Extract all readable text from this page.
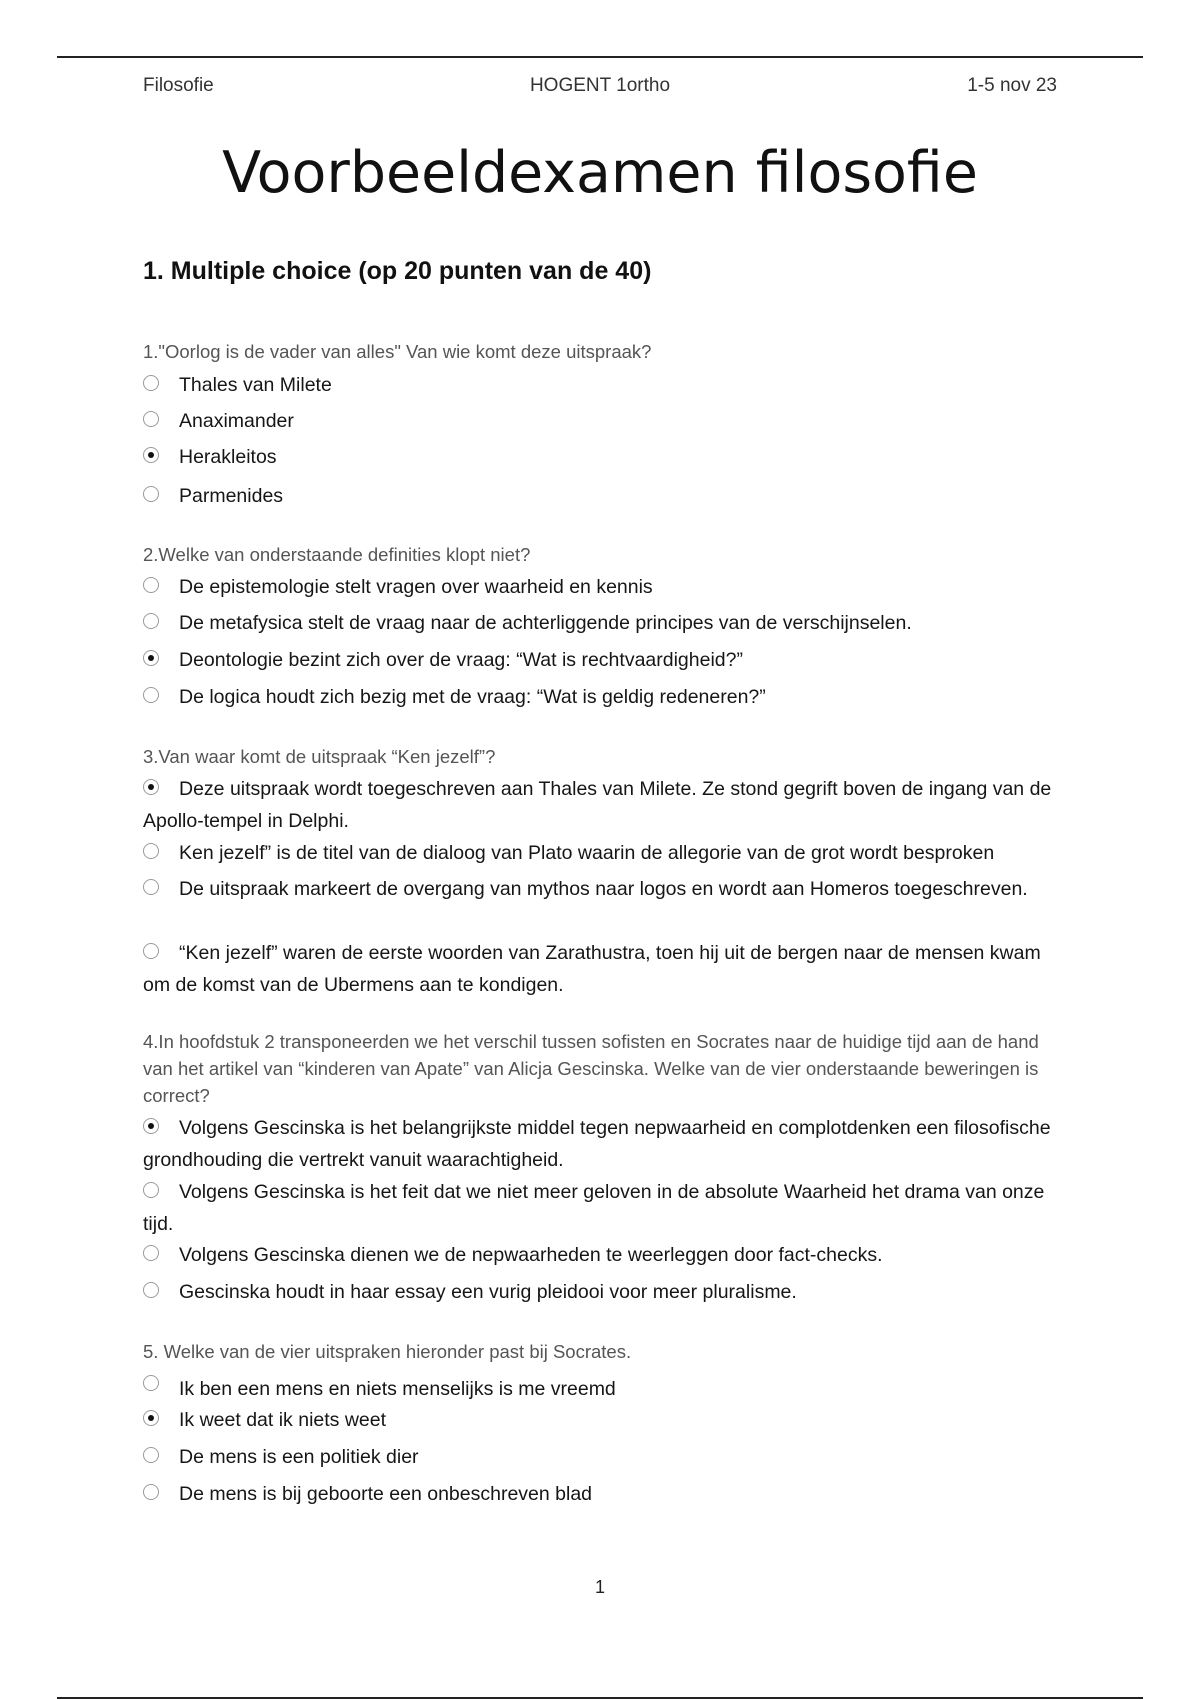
Filosofie	HOGENT 1ortho	1-5 nov 23
Voorbeeldexamen filosofie
1. Multiple choice (op 20 punten van de 40)
1."Oorlog is de vader van alles" Van wie komt deze uitspraak?
Thales van Milete
Anaximander
Herakleitos
Parmenides
2.Welke van onderstaande definities klopt niet?
De epistemologie stelt vragen over waarheid en kennis
De metafysica stelt de vraag naar de achterliggende principes van de verschijnselen.
Deontologie bezint zich over de vraag: “Wat is rechtvaardigheid?”
De logica houdt zich bezig met de vraag: “Wat is geldig redeneren?”
3.Van waar komt de uitspraak “Ken jezelf”?
Deze uitspraak wordt toegeschreven aan Thales van Milete. Ze stond gegrift boven de ingang van de Apollo-tempel in Delphi.
Ken jezelf” is de titel van de dialoog van Plato waarin de allegorie van de grot wordt besproken
De uitspraak markeert de overgang van mythos naar logos en wordt aan Homeros toegeschreven.
“Ken jezelf” waren de eerste woorden van Zarathustra, toen hij uit de bergen naar de mensen kwam om de komst van de Ubermens aan te kondigen.
4.In hoofdstuk 2 transponeerden we het verschil tussen sofisten en Socrates naar de huidige tijd aan de hand van het artikel van “kinderen van Apate” van Alicja Gescinska. Welke van de vier onderstaande beweringen is correct?
Volgens Gescinska is het belangrijkste middel tegen nepwaarheid en complotdenken een filosofische grondhouding die vertrekt vanuit waarachtigheid.
Volgens Gescinska is het feit dat we niet meer geloven in de absolute Waarheid het drama van onze tijd.
Volgens Gescinska dienen we de nepwaarheden te weerleggen door fact-checks.
Gescinska houdt in haar essay een vurig pleidooi voor meer pluralisme.
5. Welke van de vier uitspraken hieronder past bij Socrates.
Ik ben een mens en niets menselijks is me vreemd
Ik weet dat ik niets weet
De mens is een politiek dier
De mens is bij geboorte een onbeschreven blad
1
